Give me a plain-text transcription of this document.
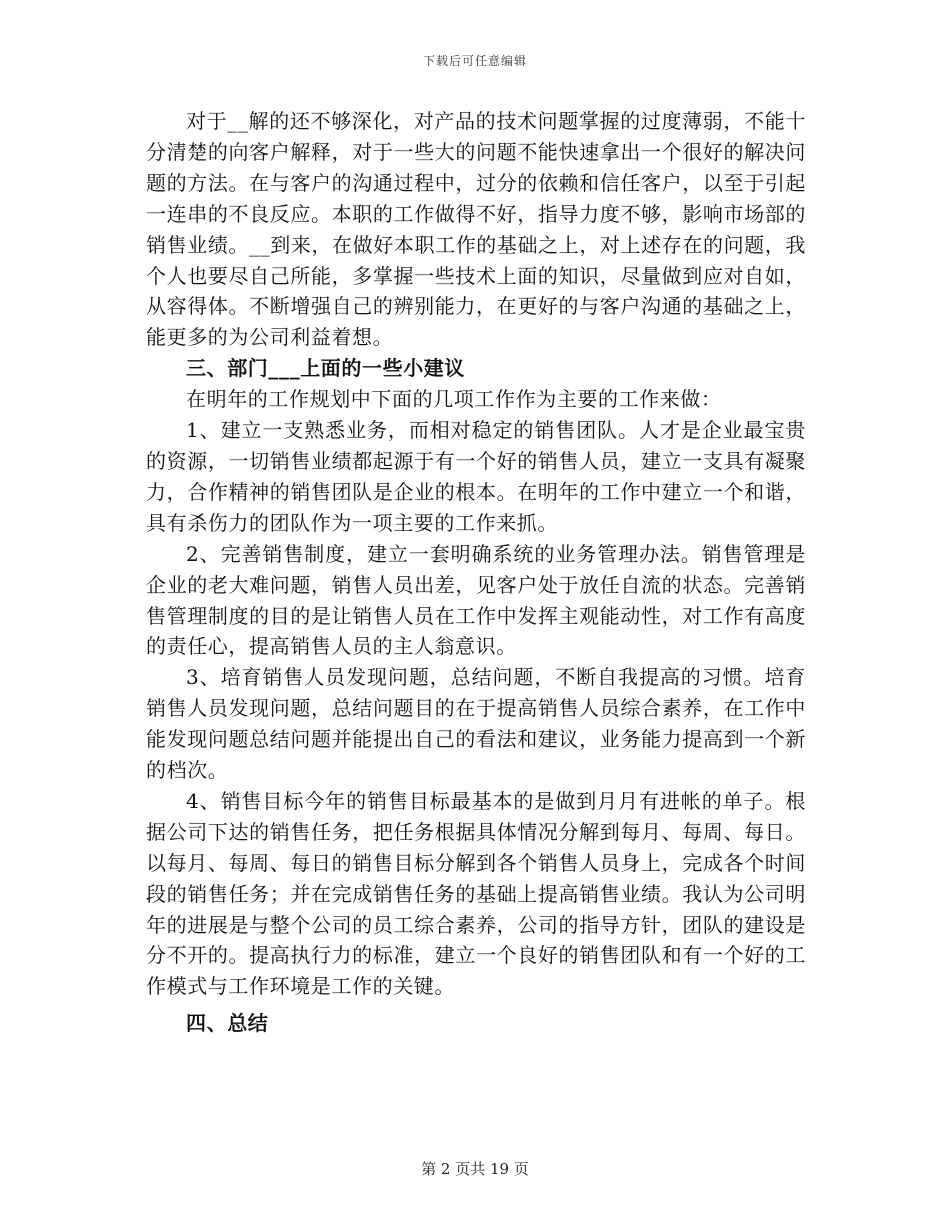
下载后可任意编辑

对于__解的还不够深化，对产品的技术问题掌握的过度薄弱，不能十分清楚的向客户解释，对于一些大的问题不能快速拿出一个很好的解决问题的方法。在与客户的沟通过程中，过分的依赖和信任客户，以至于引起一连串的不良反应。本职的工作做得不好，指导力度不够，影响市场部的销售业绩。__到来，在做好本职工作的基础之上，对上述存在的问题，我个人也要尽自己所能，多掌握一些技术上面的知识，尽量做到应对自如，从容得体。不断增强自己的辨别能力，在更好的与客户沟通的基础之上，能更多的为公司利益着想。

三、部门___上面的一些小建议

在明年的工作规划中下面的几项工作作为主要的工作来做：

1、建立一支熟悉业务，而相对稳定的销售团队。人才是企业最宝贵的资源，一切销售业绩都起源于有一个好的销售人员，建立一支具有凝聚力，合作精神的销售团队是企业的根本。在明年的工作中建立一个和谐，具有杀伤力的团队作为一项主要的工作来抓。

2、完善销售制度，建立一套明确系统的业务管理办法。销售管理是企业的老大难问题，销售人员出差，见客户处于放任自流的状态。完善销售管理制度的目的是让销售人员在工作中发挥主观能动性，对工作有高度的责任心，提高销售人员的主人翁意识。

3、培育销售人员发现问题，总结问题，不断自我提高的习惯。培育销售人员发现问题，总结问题目的在于提高销售人员综合素养，在工作中能发现问题总结问题并能提出自己的看法和建议，业务能力提高到一个新的档次。

4、销售目标今年的销售目标最基本的是做到月月有进帐的单子。根据公司下达的销售任务，把任务根据具体情况分解到每月、每周、每日。以每月、每周、每日的销售目标分解到各个销售人员身上，完成各个时间段的销售任务；并在完成销售任务的基础上提高销售业绩。我认为公司明年的进展是与整个公司的员工综合素养，公司的指导方针，团队的建设是分不开的。提高执行力的标准，建立一个良好的销售团队和有一个好的工作模式与工作环境是工作的关键。

四、总结

第 2 页共 19 页
